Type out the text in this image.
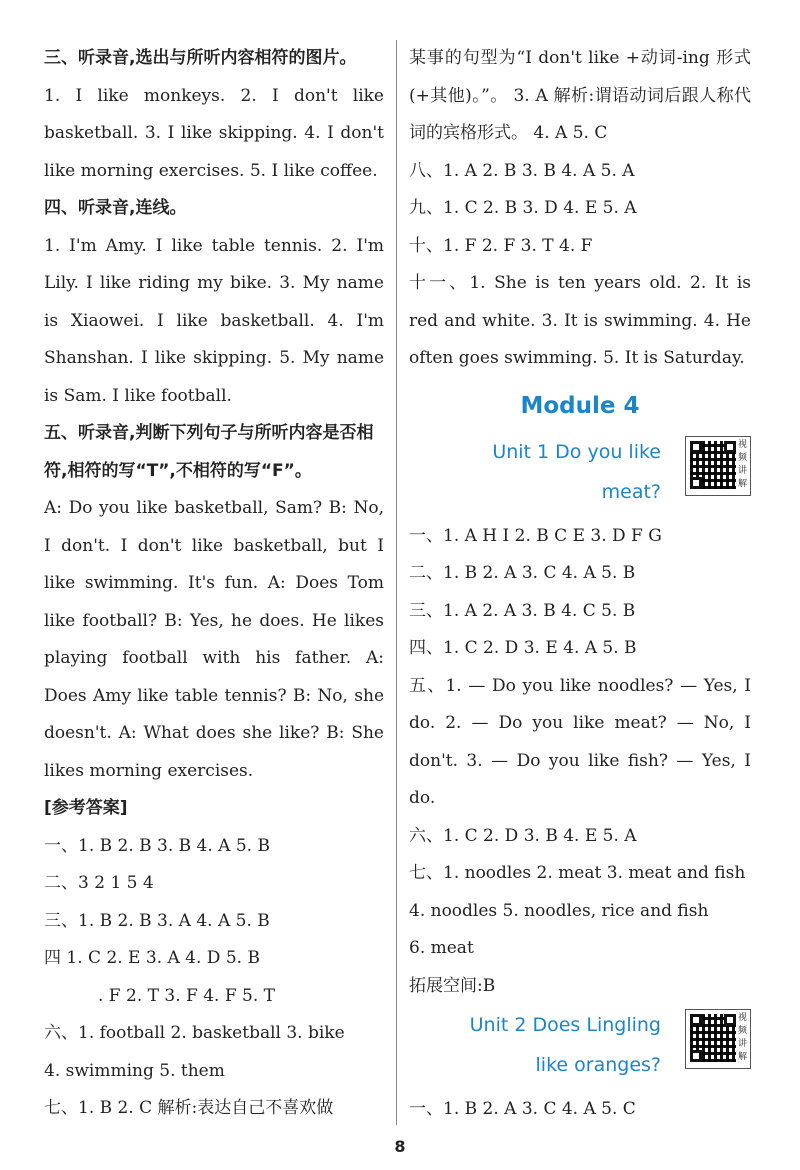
三、听录音,选出与所听内容相符的图片。

1. I like monkeys. 2. I don't like basketball. 3. I like skipping. 4. I don't like morning exercises. 5. I like coffee.

四、听录音,连线。

1. I'm Amy. I like table tennis. 2. I'm Lily. I like riding my bike. 3. My name is Xiaowei. I like basketball. 4. I'm Shanshan. I like skipping. 5. My name is Sam. I like football.

五、听录音,判断下列句子与所听内容是否相符,相符的写“T”,不相符的写“F”。

A: Do you like basketball, Sam? B: No, I don't. I don't like basketball, but I like swimming. It's fun. A: Does Tom like football? B: Yes, he does. He likes playing football with his father. A: Does Amy like table tennis? B: No, she doesn't. A: What does she like? B: She likes morning exercises.

[参考答案]

一、1. B 2. B 3. B 4. A 5. B

二、3 2 1 5 4

三、1. B 2. B 3. A 4. A 5. B

四 1. C 2. E 3. A 4. D 5. B

. F 2. T 3. F 4. F 5. T

六、1. football 2. basketball 3. bike

4. swimming 5. them

七、1. B 2. C 解析:表达自己不喜欢做

某事的句型为“I don't like +动词-ing 形式(+其他)。”。 3. A 解析:谓语动词后跟人称代词的宾格形式。 4. A 5. C

八、1. A 2. B 3. B 4. A 5. A

九、1. C 2. B 3. D 4. E 5. A

十、1. F 2. F 3. T 4. F

十一、1. She is ten years old. 2. It is red and white. 3. It is swimming. 4. He often goes swimming. 5. It is Saturday.

Module 4
Unit 1 Do you like
meat?
视频讲解

一、1. A H I 2. B C E 3. D F G

二、1. B 2. A 3. C 4. A 5. B

三、1. A 2. A 3. B 4. C 5. B

四、1. C 2. D 3. E 4. A 5. B

五、1. — Do you like noodles? — Yes, I do. 2. — Do you like meat? — No, I don't. 3. — Do you like fish? — Yes, I do.

六、1. C 2. D 3. B 4. E 5. A

七、1. noodles 2. meat 3. meat and fish

4. noodles 5. noodles, rice and fish

6. meat

拓展空间:B

Unit 2 Does Lingling
like oranges?
视频讲解

一、1. B 2. A 3. C 4. A 5. C

8
